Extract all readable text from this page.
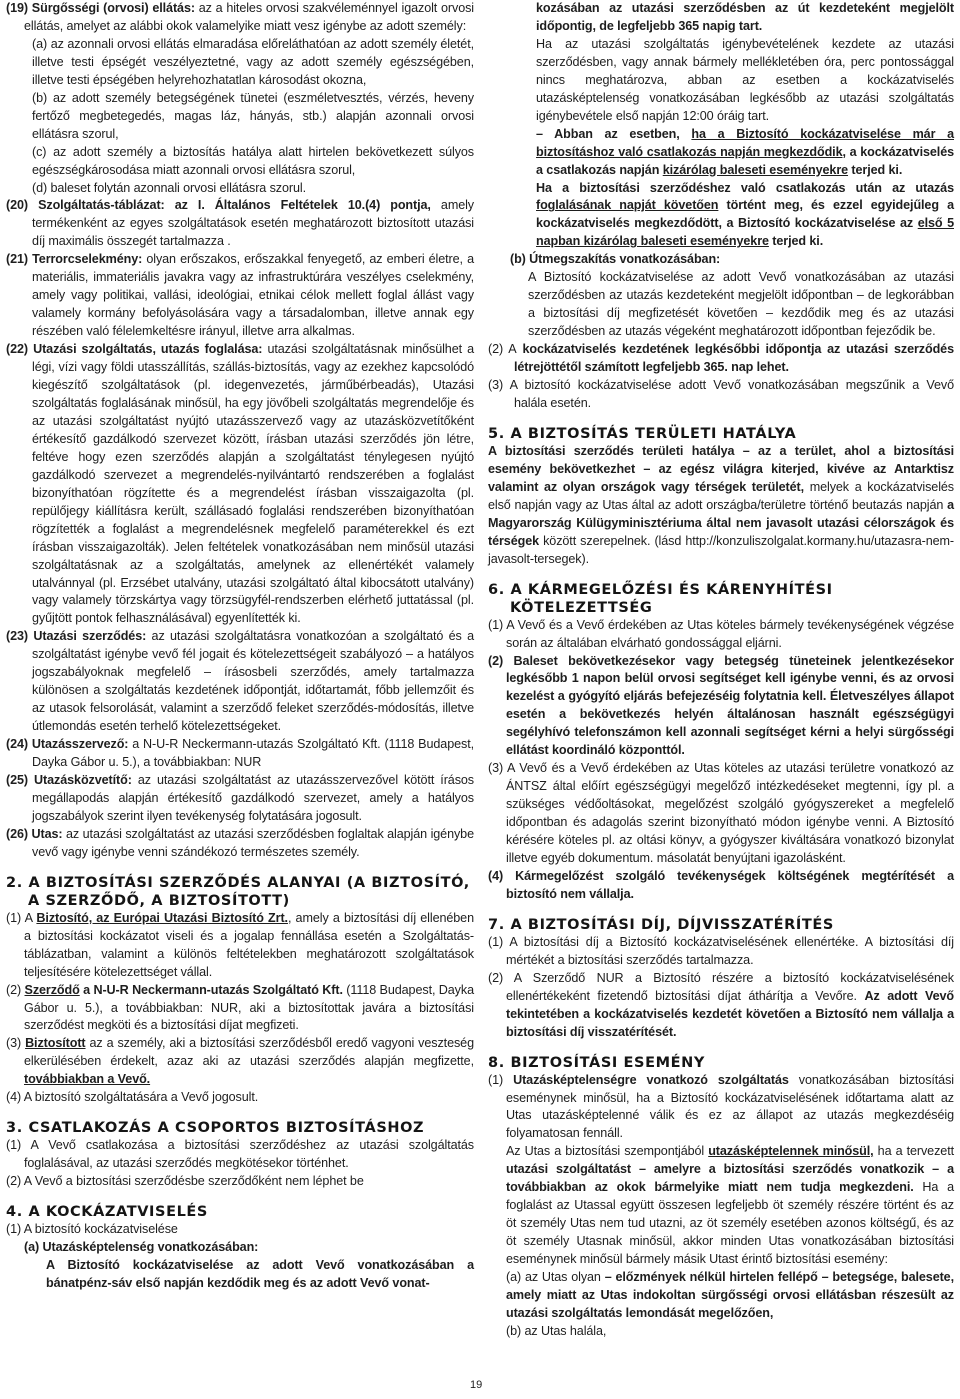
(19) Sürgősségi (orvosi) ellátás: az a hiteles orvosi szakvéleménnyel igazolt orvosi ellátás, amelyet az alábbi okok valamelyike miatt vesz igénybe az adott személy:

(a) az azonnali orvosi ellátás elmaradása előreláthatóan az adott személy életét, illetve testi épségét veszélyeztetné, vagy az adott személy egészségében, illetve testi épségében helyrehozhatatlan károsodást okozna,

(b) az adott személy betegségének tünetei (eszméletvesztés, vérzés, heveny fertőző megbetegedés, magas láz, hányás, stb.) alapján azonnali orvosi ellátásra szorul,

(c) az adott személy a biztosítás hatálya alatt hirtelen bekövetkezett súlyos egészségkárosodása miatt azonnali orvosi ellátásra szorul,

(d) baleset folytán azonnali orvosi ellátásra szorul.

(20) Szolgáltatás-táblázat: az I. Általános Feltételek 10.(4) pontja, amely termékenként az egyes szolgáltatások esetén meghatározott biztosított utazási díj maximális összegét tartalmazza .

(21) Terrorcselekmény: olyan erőszakos, erőszakkal fenyegető, az emberi életre, a materiális, immateriális javakra vagy az infrastruktúrára veszélyes cselekmény, amely vagy politikai, vallási, ideológiai, etnikai célok mellett foglal állást vagy valamely kormány befolyásolására vagy a társadalomban, illetve annak egy részében való félelemkeltésre irányul, illetve arra alkalmas.

(22) Utazási szolgáltatás, utazás foglalása: utazási szolgáltatásnak minősülhet a légi, vízi vagy földi utasszállítás, szállás-biztosítás, vagy az ezekhez kapcsolódó kiegészítő szolgáltatások (pl. idegenvezetés, járműbérbeadás), Utazási szolgáltatás foglalásának minősül, ha egy jövőbeli szolgáltatás megrendelője és az utazási szolgáltatást nyújtó utazásszervező vagy az utazásközvetítőként értékesítő gazdálkodó szervezet között, írásban utazási szerződés jön létre, feltéve hogy ezen szerződés alapján a szolgáltatást ténylegesen nyújtó gazdálkodó szervezet a megrendelés-nyilvántartó rendszerében a foglalást bizonyíthatóan rögzítette és a megrendelést írásban visszaigazolta (pl. repülőjegy kiállításra került, szállásadó foglalási rendszerében bizonyíthatóan rögzítették a foglalást a megrendelésnek megfelelő paraméterekkel és ezt írásban visszaigazolták). Jelen feltételek vonatkozásában nem minősül utazási szolgáltatásnak az a szolgáltatás, amelynek az ellenértékét valamely utalvánnyal (pl. Erzsébet utalvány, utazási szolgáltató által kibocsátott utalvány) vagy valamely törzskártya vagy törzsügyfél-rendszerben elérhető juttatással (pl. gyűjtött pontok felhasználásával) egyenlítették ki.

(23) Utazási szerződés: az utazási szolgáltatásra vonatkozóan a szolgáltató és a szolgáltatást igénybe vevő fél jogait és kötelezettségeit szabályozó – a hatályos jogszabályoknak megfelelő – írásosbeli szerződés, amely tartalmazza különösen a szolgáltatás kezdetének időpontját, időtartamát, főbb jellemzőit és az utasok felsorolását, valamint a szerződő feleket szerződés-módosítás, illetve útlemondás esetén terhelő kötelezettségeket.

(24) Utazásszervező: a N-U-R Neckermann-utazás Szolgáltató Kft. (1118 Budapest, Dayka Gábor u. 5.), a továbbiakban: NUR

(25) Utazásközvetítő: az utazási szolgáltatást az utazásszervezővel kötött írásos megállapodás alapján értékesítő gazdálkodó szervezet, amely a hatályos jogszabályok szerint ilyen tevékenység folytatására jogosult.

(26) Utas: az utazási szolgáltatást az utazási szerződésben foglaltak alapján igénybe vevő vagy igénybe venni szándékozó természetes személy.

2. A BIZTOSÍTÁSI SZERZŐDÉS ALANYAI (A BIZTOSÍTÓ,

A SZERZŐDŐ, A BIZTOSÍTOTT)

(1) A Biztosító, az Európai Utazási Biztosító Zrt., amely a biztosítási díj ellenében a biztosítási kockázatot viseli és a jogalap fennállása esetén a Szolgáltatás-táblázatban, valamint a különös feltételekben meghatározott szolgáltatások teljesítésére kötelezettséget vállal.

(2) Szerződő a N-U-R Neckermann-utazás Szolgáltató Kft. (1118 Budapest, Dayka Gábor u. 5.), a továbbiakban: NUR, aki a biztosítottak javára a biztosítási szerződést megköti és a biztosítási díjat megfizeti.

(3) Biztosított az a személy, aki a biztosítási szerződésből eredő vagyoni veszteség elkerülésében érdekelt, azaz aki az utazási szerződés alapján megfizette, továbbiakban a Vevő.

(4) A biztosító szolgáltatására a Vevő jogosult.

3. CSATLAKOZÁS A CSOPORTOS BIZTOSÍTÁSHOZ

(1) A Vevő csatlakozása a biztosítási szerződéshez az utazási szolgáltatás foglalásával, az utazási szerződés megkötésekor történhet.

(2) A Vevő a biztosítási szerződésbe szerződőként nem léphet be

4. A KOCKÁZATVISELÉS

(1) A biztosító kockázatviselése

(a) Utazásképtelenség vonatkozásában:

A Biztosító kockázatviselése az adott Vevő vonatkozásában a bánatpénz-sáv első napján kezdődik meg és az adott Vevő vonat-

kozásában az utazási szerződésben az út kezdeteként megjelölt időpontig, de legfeljebb 365 napig tart.

Ha az utazási szolgáltatás igénybevételének kezdete az utazási szerződésben, vagy annak bármely mellékletében óra, perc pontossággal nincs meghatározva, abban az esetben a kockázatviselés utazásképtelenség vonatkozásában legkésőbb az utazási szolgáltatás igénybevétele első napján 12:00 óráig tart.

– Abban az esetben, ha a Biztosító kockázatviselése már a biztosításhoz való csatlakozás napján megkezdődik, a kockázatviselés a csatlakozás napján kizárólag baleseti eseményekre terjed ki.

Ha a biztosítási szerződéshez való csatlakozás után az utazás foglalásának napját követően történt meg, és ezzel egyidejűleg a kockázatviselés megkezdődött, a Biztosító kockázatviselése az első 5 napban kizárólag baleseti eseményekre terjed ki.

(b) Útmegszakítás vonatkozásában:

A Biztosító kockázatviselése az adott Vevő vonatkozásában az utazási szerződésben az utazás kezdeteként megjelölt időpontban – de legkorábban a biztosítási díj megfizetését követően – kezdődik meg és az utazási szerződésben az utazás végeként meghatározott időpontban fejeződik be.

(2) A kockázatviselés kezdetének legkésőbbi időpontja az utazási szerződés létrejöttétől számított legfeljebb 365. nap lehet.

(3) A biztosító kockázatviselése adott Vevő vonatkozásában megszűnik a Vevő halála esetén.

5. A BIZTOSÍTÁS TERÜLETI HATÁLYA

A biztosítási szerződés területi hatálya – az a terület, ahol a biztosítási esemény bekövetkezhet – az egész világra kiterjed, kivéve az Antarktisz valamint az olyan országok vagy térségek területét, melyek a kockázatviselés első napján vagy az Utas által az adott országba/területre történő beutazás napján a Magyarország Külügyminisztériuma által nem javasolt utazási célországok és térségek között szerepelnek. (lásd http://konzuliszolgalat.kormany.hu/utazasra-nem-javasolt-tersegek).

6. A KÁRMEGELŐZÉSI ÉS KÁRENYHÍTÉSI

KÖTELEZETTSÉG

(1) A Vevő és a Vevő érdekében az Utas köteles bármely tevékenységének végzése során az általában elvárható gondossággal eljárni.

(2) Baleset bekövetkezésekor vagy betegség tüneteinek jelentkezésekor legkésőbb 1 napon belül orvosi segítséget kell igénybe venni, és az orvosi kezelést a gyógyító eljárás befejezéséig folytatnia kell. Életveszélyes állapot esetén a bekövetkezés helyén általánosan használt egészségügyi segélyhívó telefonszámon kell azonnali segítséget kérni a helyi sürgősségi ellátást koordináló központtól.

(3) A Vevő és a Vevő érdekében az Utas köteles az utazási területre vonatkozó az ÁNTSZ által előírt egészségügyi megelőző intézkedéseket megtenni, így pl. a szükséges védőoltásokat, megelőzést szolgáló gyógyszereket a megfelelő időpontban és adagolás szerint bizonyítható módon igénybe venni. A Biztosító kérésére köteles pl. az oltási könyv, a gyógyszer kiváltására vonatkozó bizonylat illetve egyéb dokumentum. másolatát benyújtani igazolásként.

(4) Kármegelőzést szolgáló tevékenységek költségének megtérítését a biztosító nem vállalja.

7. A BIZTOSÍTÁSI DÍJ, DÍJVISSZATÉRÍTÉS

(1) A biztosítási díj a Biztosító kockázatviselésének ellenértéke. A biztosítási díj mértékét a biztosítási szerződés tartalmazza.

(2) A Szerződő NUR a Biztosító részére a biztosító kockázatviselésének ellenértékeként fizetendő biztosítási díjat áthárítja a Vevőre. Az adott Vevő tekintetében a kockázatviselés kezdetét követően a Biztosító nem vállalja a biztosítási díj visszatérítését.

8. BIZTOSÍTÁSI ESEMÉNY

(1) Utazásképtelenségre vonatkozó szolgáltatás vonatkozásában biztosítási eseménynek minősül, ha a Biztosító kockázatviselésének időtartama alatt az Utas utazásképtelenné válik és ez az állapot az utazás megkezdéséig folyamatosan fennáll.

Az Utas a biztosítási szempontjából utazásképtelennek minősül, ha a tervezett utazási szolgáltatást – amelyre a biztosítási szerződés vonatkozik – a továbbiakban az okok bármelyike miatt nem tudja megkezdeni. Ha a foglalást az Utassal együtt összesen legfeljebb öt személy részére történt és az öt személy Utas nem tud utazni, az öt személy esetében azonos költségű, és az öt személy Utasnak minősül, akkor minden Utas vonatkozásában biztosítási eseménynek minősül bármely másik Utast érintő biztosítási esemény:

(a) az Utas olyan – előzmények nélkül hirtelen fellépő – betegsége, balesete, amely miatt az Utas indokoltan sürgősségi orvosi ellátásban részesült az utazási szolgáltatás lemondását megelőzően,

(b) az Utas halála,

19
